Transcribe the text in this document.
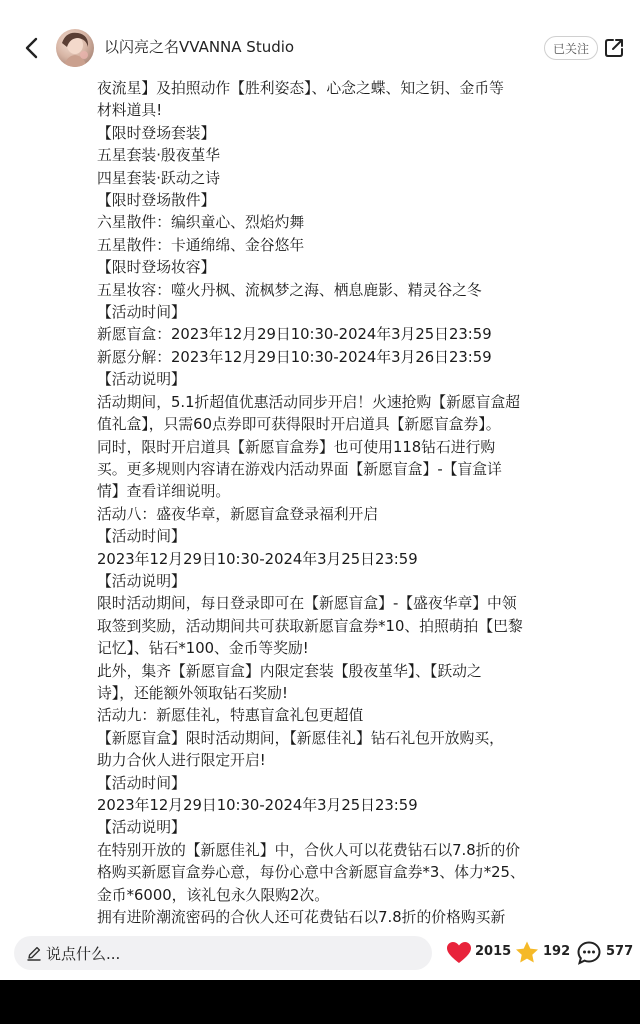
以闪亮之名VVANNA Studio	已关注

夜流星】及拍照动作【胜利姿态】、心念之蝶、知之钥、金币等

材料道具!

【限时登场套装】

五星套装·殷夜堇华

四星套装·跃动之诗

【限时登场散件】

六星散件：编织童心、烈焰灼舞

五星散件：卡通绵绵、金谷悠年

【限时登场妆容】

五星妆容：噬火丹枫、流枫梦之海、栖息鹿影、精灵谷之冬

【活动时间】

新愿盲盒：2023年12月29日10:30-2024年3月25日23:59

新愿分解：2023年12月29日10:30-2024年3月26日23:59

【活动说明】

活动期间，5.1折超值优惠活动同步开启！火速抢购【新愿盲盒超

值礼盒】，只需60点券即可获得限时开启道具【新愿盲盒券】。

同时，限时开启道具【新愿盲盒券】也可使用118钻石进行购

买。更多规则内容请在游戏内活动界面【新愿盲盒】-【盲盒详

情】查看详细说明。

活动八：盛夜华章，新愿盲盒登录福利开启

【活动时间】

2023年12月29日10:30-2024年3月25日23:59

【活动说明】

限时活动期间，每日登录即可在【新愿盲盒】-【盛夜华章】中领

取签到奖励，活动期间共可获取新愿盲盒券*10、拍照萌拍【巴黎

记忆】、钻石*100、金币等奖励!

此外，集齐【新愿盲盒】内限定套装【殷夜堇华】、【跃动之

诗】，还能额外领取钻石奖励!

活动九：新愿佳礼，特惠盲盒礼包更超值

【新愿盲盒】限时活动期间，【新愿佳礼】钻石礼包开放购买，

助力合伙人进行限定开启!

【活动时间】

2023年12月29日10:30-2024年3月25日23:59

【活动说明】

在特别开放的【新愿佳礼】中，合伙人可以花费钻石以7.8折的价

格购买新愿盲盒券心意，每份心意中含新愿盲盒券*3、体力*25、

金币*6000，该礼包永久限购2次。

拥有进阶潮流密码的合伙人还可花费钻石以7.8折的价格购买新

说点什么...	2015 192	577
